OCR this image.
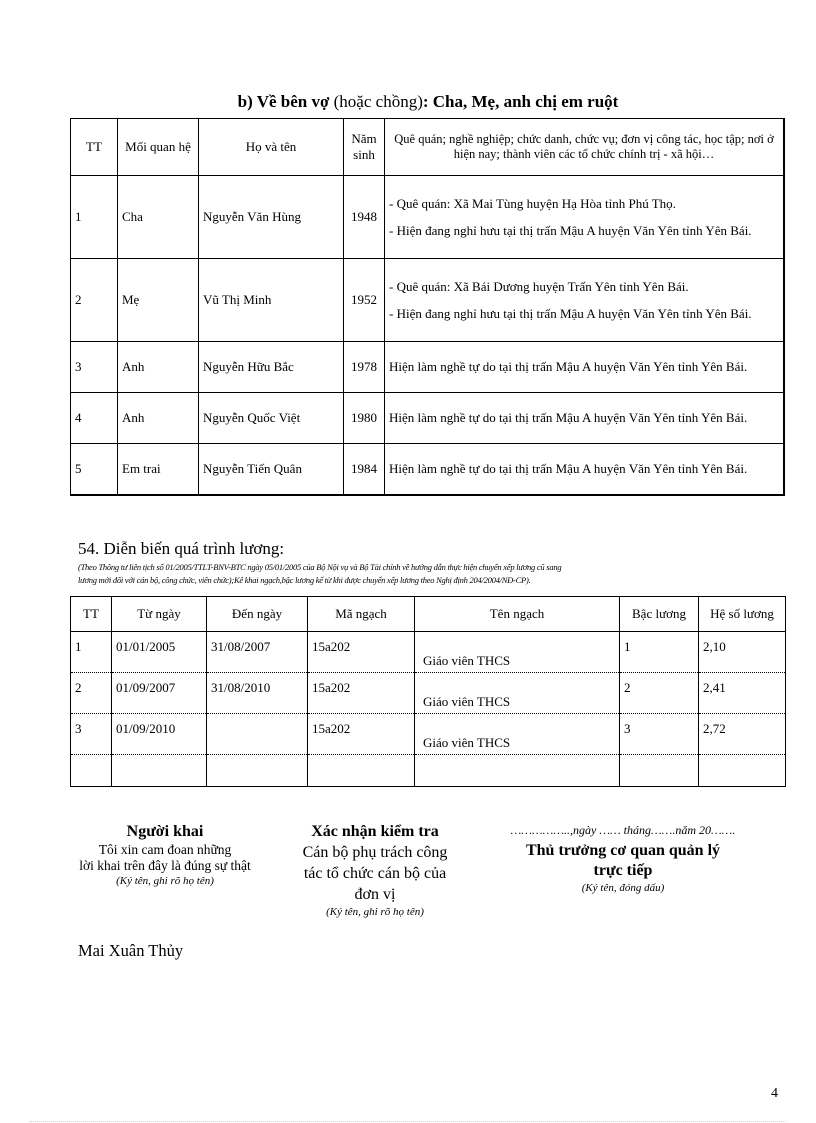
b) Về bên vợ (hoặc chồng): Cha, Mẹ, anh chị em ruột
TT	Mối quan hệ	Họ và tên	Năm sinh	Quê quán; nghề nghiệp; chức danh, chức vụ; đơn vị công tác, học tập; nơi ở hiện nay; thành viên các tổ chức chính trị - xã hội…
1	Cha	Nguyễn Văn Hùng	1948	- Quê quán: Xã Mai Tùng huyện Hạ Hòa tỉnh Phú Thọ.

- Hiện đang nghỉ hưu tại thị trấn Mậu A huyện Văn Yên tỉnh Yên Bái.

2	Mẹ	Vũ Thị Minh	1952	- Quê quán: Xã Bái Dương huyện Trấn Yên tỉnh Yên Bái.

- Hiện đang nghỉ hưu tại thị trấn Mậu A huyện Văn Yên tỉnh Yên Bái.

3	Anh	Nguyễn Hữu Bắc	1978	Hiện làm nghề tự do tại thị trấn Mậu A huyện Văn Yên tỉnh Yên Bái.

4	Anh	Nguyễn Quốc Việt	1980	Hiện làm nghề tự do tại thị trấn Mậu A huyện Văn Yên tỉnh Yên Bái.

5	Em trai	Nguyễn Tiến Quân	1984	Hiện làm nghề tự do tại thị trấn Mậu A huyện Văn Yên tỉnh Yên Bái.

54. Diễn biến quá trình lương:
(Theo Thông tư liên tịch số 01/2005/TTLT-BNV-BTC ngày 05/01/2005 của Bộ Nội vụ và Bộ Tài chính về hướng dẫn thực hiện chuyển xếp lương cũ sang
lương mới đối với cán bộ, công chức, viên chức);Kê khai ngạch,bậc lương kể từ khi được chuyển xếp lương theo Nghị định 204/2004/NĐ-CP).
TT	Từ ngày	Đến ngày	Mã ngạch	Tên ngạch	Bậc lương	Hệ số lương
1	01/01/2005	31/08/2007	15a202	Giáo viên THCS	1	2,10
2	01/09/2007	31/08/2010	15a202	Giáo viên THCS	2	2,41
3	01/09/2010		15a202	Giáo viên THCS	3	2,72

Người khai
Tôi xin cam đoan những
lời khai trên đây là đúng sự thật
(Ký tên, ghi rõ họ tên)
Xác nhận kiểm tra
Cán bộ phụ trách công
tác tổ chức cán bộ của
đơn vị
(Ký tên, ghi rõ họ tên)
……………..,ngày …… tháng…….năm 20…….
Thủ trưởng cơ quan quản lý
trực tiếp
(Ký tên, đóng dấu)
Mai Xuân Thủy
4
